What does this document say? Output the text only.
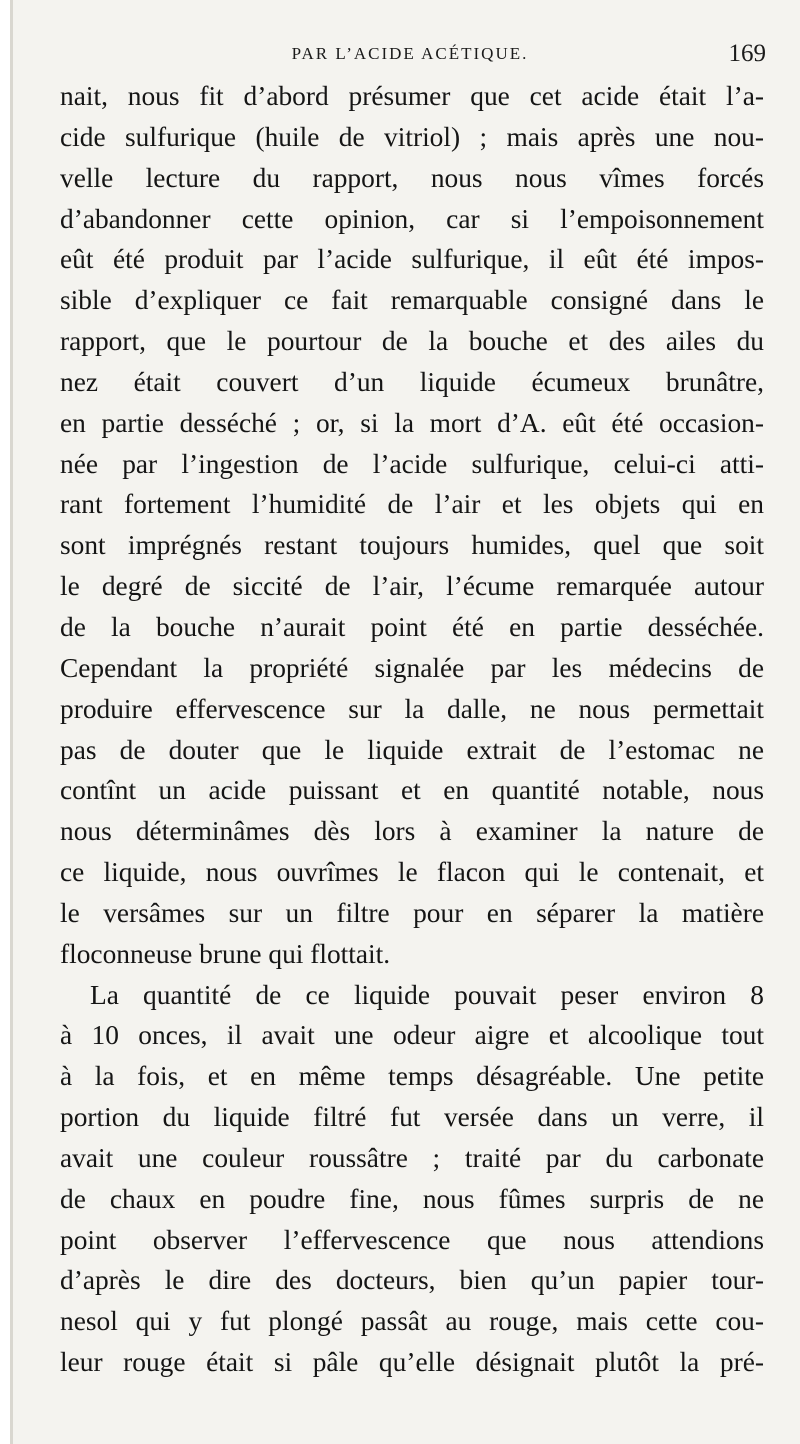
PAR L’ACIDE ACÉTIQUE.	169

nait, nous fit d’abord présumer que cet acide était l’a-
cide sulfurique (huile de vitriol) ; mais après une nou-
velle lecture du rapport, nous nous vîmes forcés
d’abandonner cette opinion, car si l’empoisonnement
eût été produit par l’acide sulfurique, il eût été impos-
sible d’expliquer ce fait remarquable consigné dans le
rapport, que le pourtour de la bouche et des ailes du
nez était couvert d’un liquide écumeux brunâtre,
en partie desséché ; or, si la mort d’A. eût été occasion-
née par l’ingestion de l’acide sulfurique, celui-ci atti-
rant fortement l’humidité de l’air et les objets qui en
sont imprégnés restant toujours humides, quel que soit
le degré de siccité de l’air, l’écume remarquée autour
de la bouche n’aurait point été en partie desséchée.
Cependant la propriété signalée par les médecins de
produire effervescence sur la dalle, ne nous permettait
pas de douter que le liquide extrait de l’estomac ne
contînt un acide puissant et en quantité notable, nous
nous déterminâmes dès lors à examiner la nature de
ce liquide, nous ouvrîmes le flacon qui le contenait, et
le versâmes sur un filtre pour en séparer la matière
floconneuse brune qui flottait.

La quantité de ce liquide pouvait peser environ 8
à 10 onces, il avait une odeur aigre et alcoolique tout
à la fois, et en même temps désagréable. Une petite
portion du liquide filtré fut versée dans un verre, il
avait une couleur roussâtre ; traité par du carbonate
de chaux en poudre fine, nous fûmes surpris de ne
point observer l’effervescence que nous attendions
d’après le dire des docteurs, bien qu’un papier tour-
nesol qui y fut plongé passât au rouge, mais cette cou-
leur rouge était si pâle qu’elle désignait plutôt la pré-
